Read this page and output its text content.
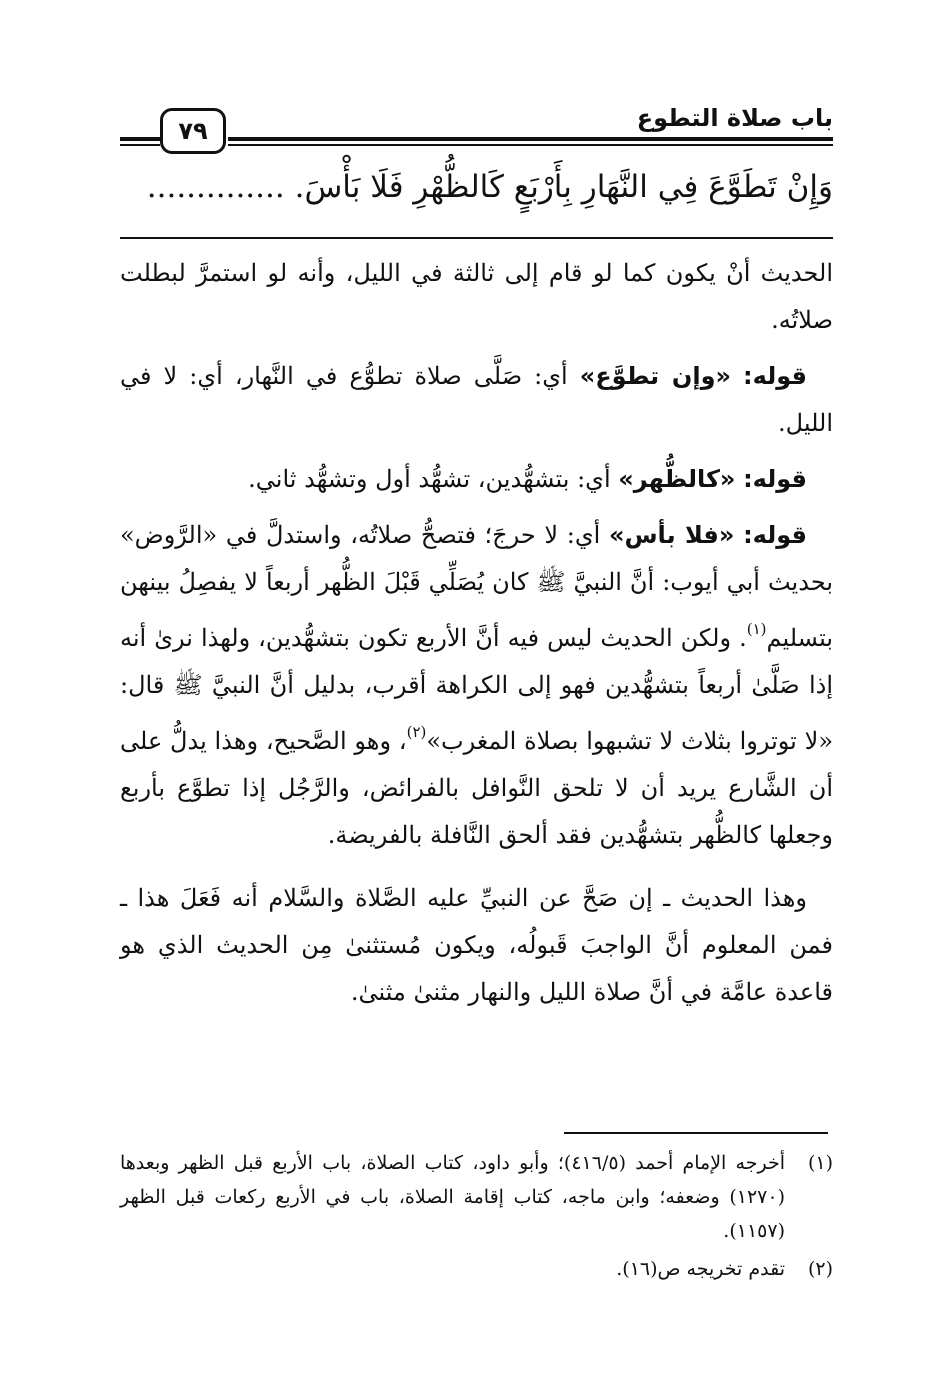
باب صلاة التطوع
٧٩
وَإِنْ تَطَوَّعَ فِي النَّهَارِ بِأَرْبَعٍ كَالظُّهْرِ فَلَا بَأْسَ. ..............

الحديث أنْ يكون كما لو قام إلى ثالثة في الليل، وأنه لو استمرَّ لبطلت صلاتُه.

قوله: «وإن تطوَّع» أي: صَلَّى صلاة تطوُّع في النَّهار، أي: لا في الليل.

قوله: «كالظُّهر» أي: بتشهُّدين، تشهُّد أول وتشهُّد ثاني.

قوله: «فلا بأس» أي: لا حرجَ؛ فتصحُّ صلاتُه، واستدلَّ في «الرَّوض» بحديث أبي أيوب: أنَّ النبيَّ ﷺ كان يُصَلِّي قَبْلَ الظُّهر أربعاً لا يفصِلُ بينهن بتسليم$^{(١)}$. ولكن الحديث ليس فيه أنَّ الأربع تكون بتشهُّدين، ولهذا نرىٰ أنه إذا صَلَّىٰ أربعاً بتشهُّدين فهو إلى الكراهة أقرب، بدليل أنَّ النبيَّ ﷺ قال: «لا توتروا بثلاث لا تشبهوا بصلاة المغرب»$^{(٢)}$، وهو الصَّحيح، وهذا يدلُّ على أن الشَّارع يريد أن لا تلحق النَّوافل بالفرائض، والرَّجُل إذا تطوَّع بأربع وجعلها كالظُّهر بتشهُّدين فقد ألحق النَّافلة بالفريضة.

وهذا الحديث ـ إن صَحَّ عن النبيِّ عليه الصَّلاة والسَّلام أنه فَعَلَ هذا ـ فمن المعلوم أنَّ الواجبَ قَبولُه، ويكون مُستثنىٰ مِن الحديث الذي هو قاعدة عامَّة في أنَّ صلاة الليل والنهار مثنىٰ مثنىٰ.

(١)
أخرجه الإمام أحمد (٤١٦/٥)؛ وأبو داود، كتاب الصلاة، باب الأربع قبل الظهر وبعدها (١٢٧٠) وضعفه؛ وابن ماجه، كتاب إقامة الصلاة، باب في الأربع ركعات قبل الظهر (١١٥٧).
(٢)
تقدم تخريجه ص(١٦).
